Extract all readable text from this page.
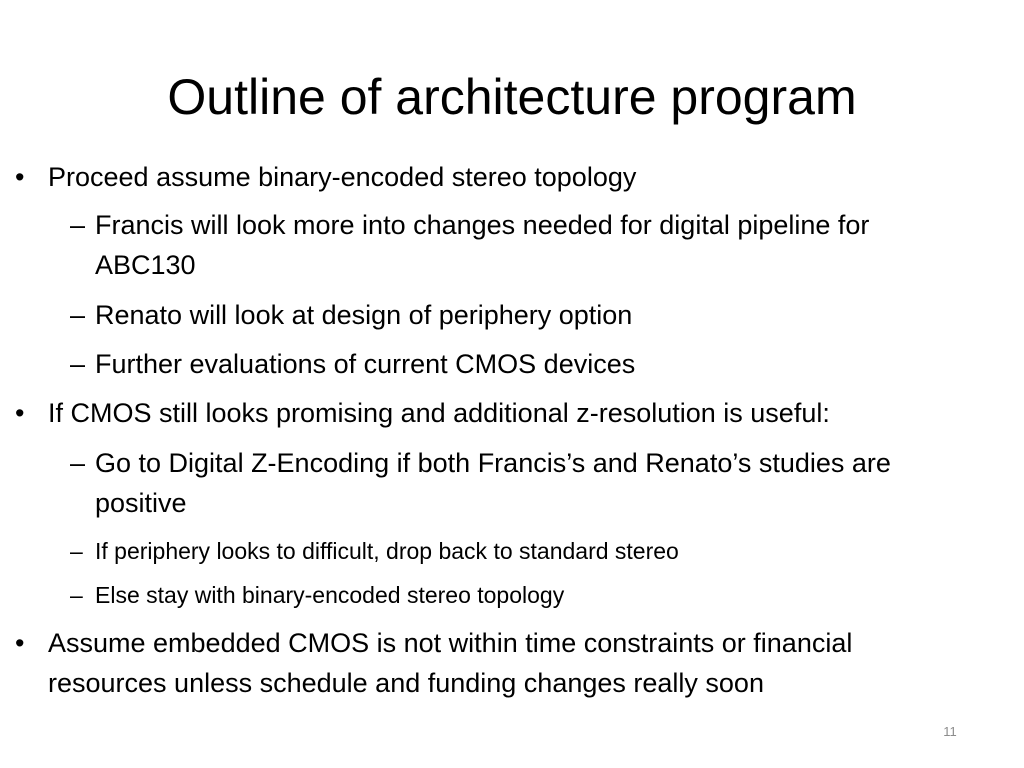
Outline of architecture program
• Proceed assume binary-encoded stereo topology
– Francis will look more into changes needed for digital pipeline for
ABC130
– Renato will look at design of periphery option
– Further evaluations of current CMOS devices
• If CMOS still looks promising and additional z-resolution is useful:
– Go to Digital Z-Encoding if both Francis’s and Renato’s studies are
positive
– If periphery looks to difficult, drop back to standard stereo
– Else stay with binary-encoded stereo topology
• Assume embedded CMOS is not within time constraints or financial
resources unless schedule and funding changes really soon
11
